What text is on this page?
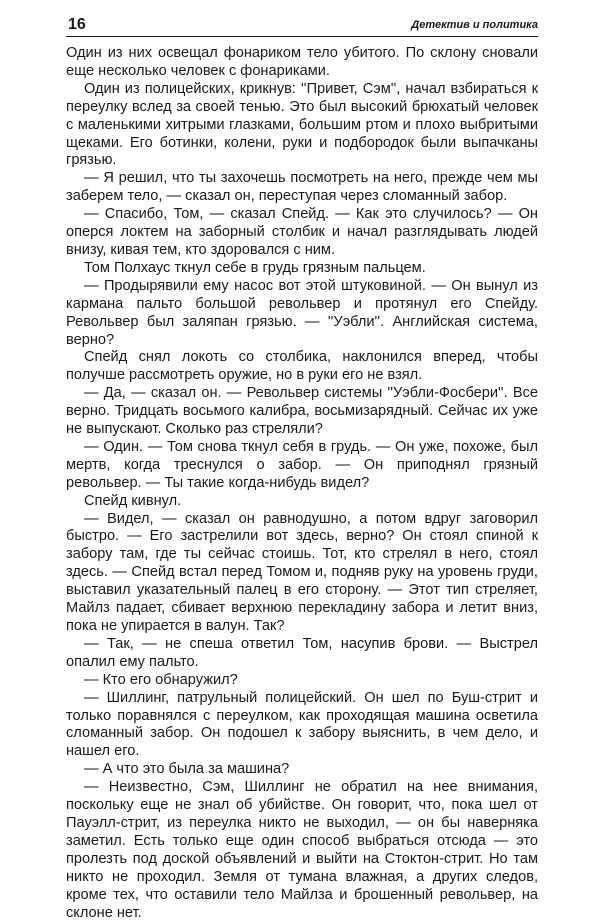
16	Детектив и политика

Один из них освещал фонариком тело убитого. По склону сновали еще несколько человек с фонариками.

Один из полицейских, крикнув: ''Привет, Сэм'', начал взбираться к переулку вслед за своей тенью. Это был высокий брюхатый человек с маленькими хитрыми глазками, большим ртом и плохо выбритыми щеками. Его ботинки, колени, руки и подбородок были выпачканы грязью.

— Я решил, что ты захочешь посмотреть на него, прежде чем мы заберем тело, — сказал он, переступая через сломанный забор.

— Спасибо, Том, — сказал Спейд. — Как это случилось? — Он оперся локтем на заборный столбик и начал разглядывать людей внизу, кивая тем, кто здоровался с ним.

Том Полхаус ткнул себе в грудь грязным пальцем.

— Продырявили ему насос вот этой штуковиной. — Он вынул из кармана пальто большой револьвер и протянул его Спейду. Револьвер был заляпан грязью. — ''Уэбли''. Английская система, верно?

Спейд снял локоть со столбика, наклонился вперед, чтобы получше рассмотреть оружие, но в руки его не взял.

— Да, — сказал он. — Револьвер системы ''Уэбли-Фосбери''. Все верно. Тридцать восьмого калибра, восьмизарядный. Сейчас их уже не выпускают. Сколько раз стреляли?

— Один. — Том снова ткнул себя в грудь. — Он уже, похоже, был мертв, когда треснулся о забор. — Он приподнял грязный револьвер. — Ты такие когда-нибудь видел?

Спейд кивнул.

— Видел, — сказал он равнодушно, а потом вдруг заговорил быстро. — Его застрелили вот здесь, верно? Он стоял спиной к забору там, где ты сейчас стоишь. Тот, кто стрелял в него, стоял здесь. — Спейд встал перед Томом и, подняв руку на уровень груди, выставил указательный палец в его сторону. — Этот тип стреляет, Майлз падает, сбивает верхнюю перекладину забора и летит вниз, пока не упирается в валун. Так?

— Так, — не спеша ответил Том, насупив брови. — Выстрел опалил ему пальто.

— Кто его обнаружил?

— Шиллинг, патрульный полицейский. Он шел по Буш-стрит и только поравнялся с переулком, как проходящая машина осветила сломанный забор. Он подошел к забору выяснить, в чем дело, и нашел его.

— А что это была за машина?

— Неизвестно, Сэм, Шиллинг не обратил на нее внимания, поскольку еще не знал об убийстве. Он говорит, что, пока шел от Пауэлл-стрит, из переулка никто не выходил, — он бы наверняка заметил. Есть только еще один способ выбраться отсюда — это пролезть под доской объявлений и выйти на Стоктон-стрит. Но там никто не проходил. Земля от тумана влажная, а других следов, кроме тех, что оставили тело Майлза и брошенный револьвер, на склоне нет.
